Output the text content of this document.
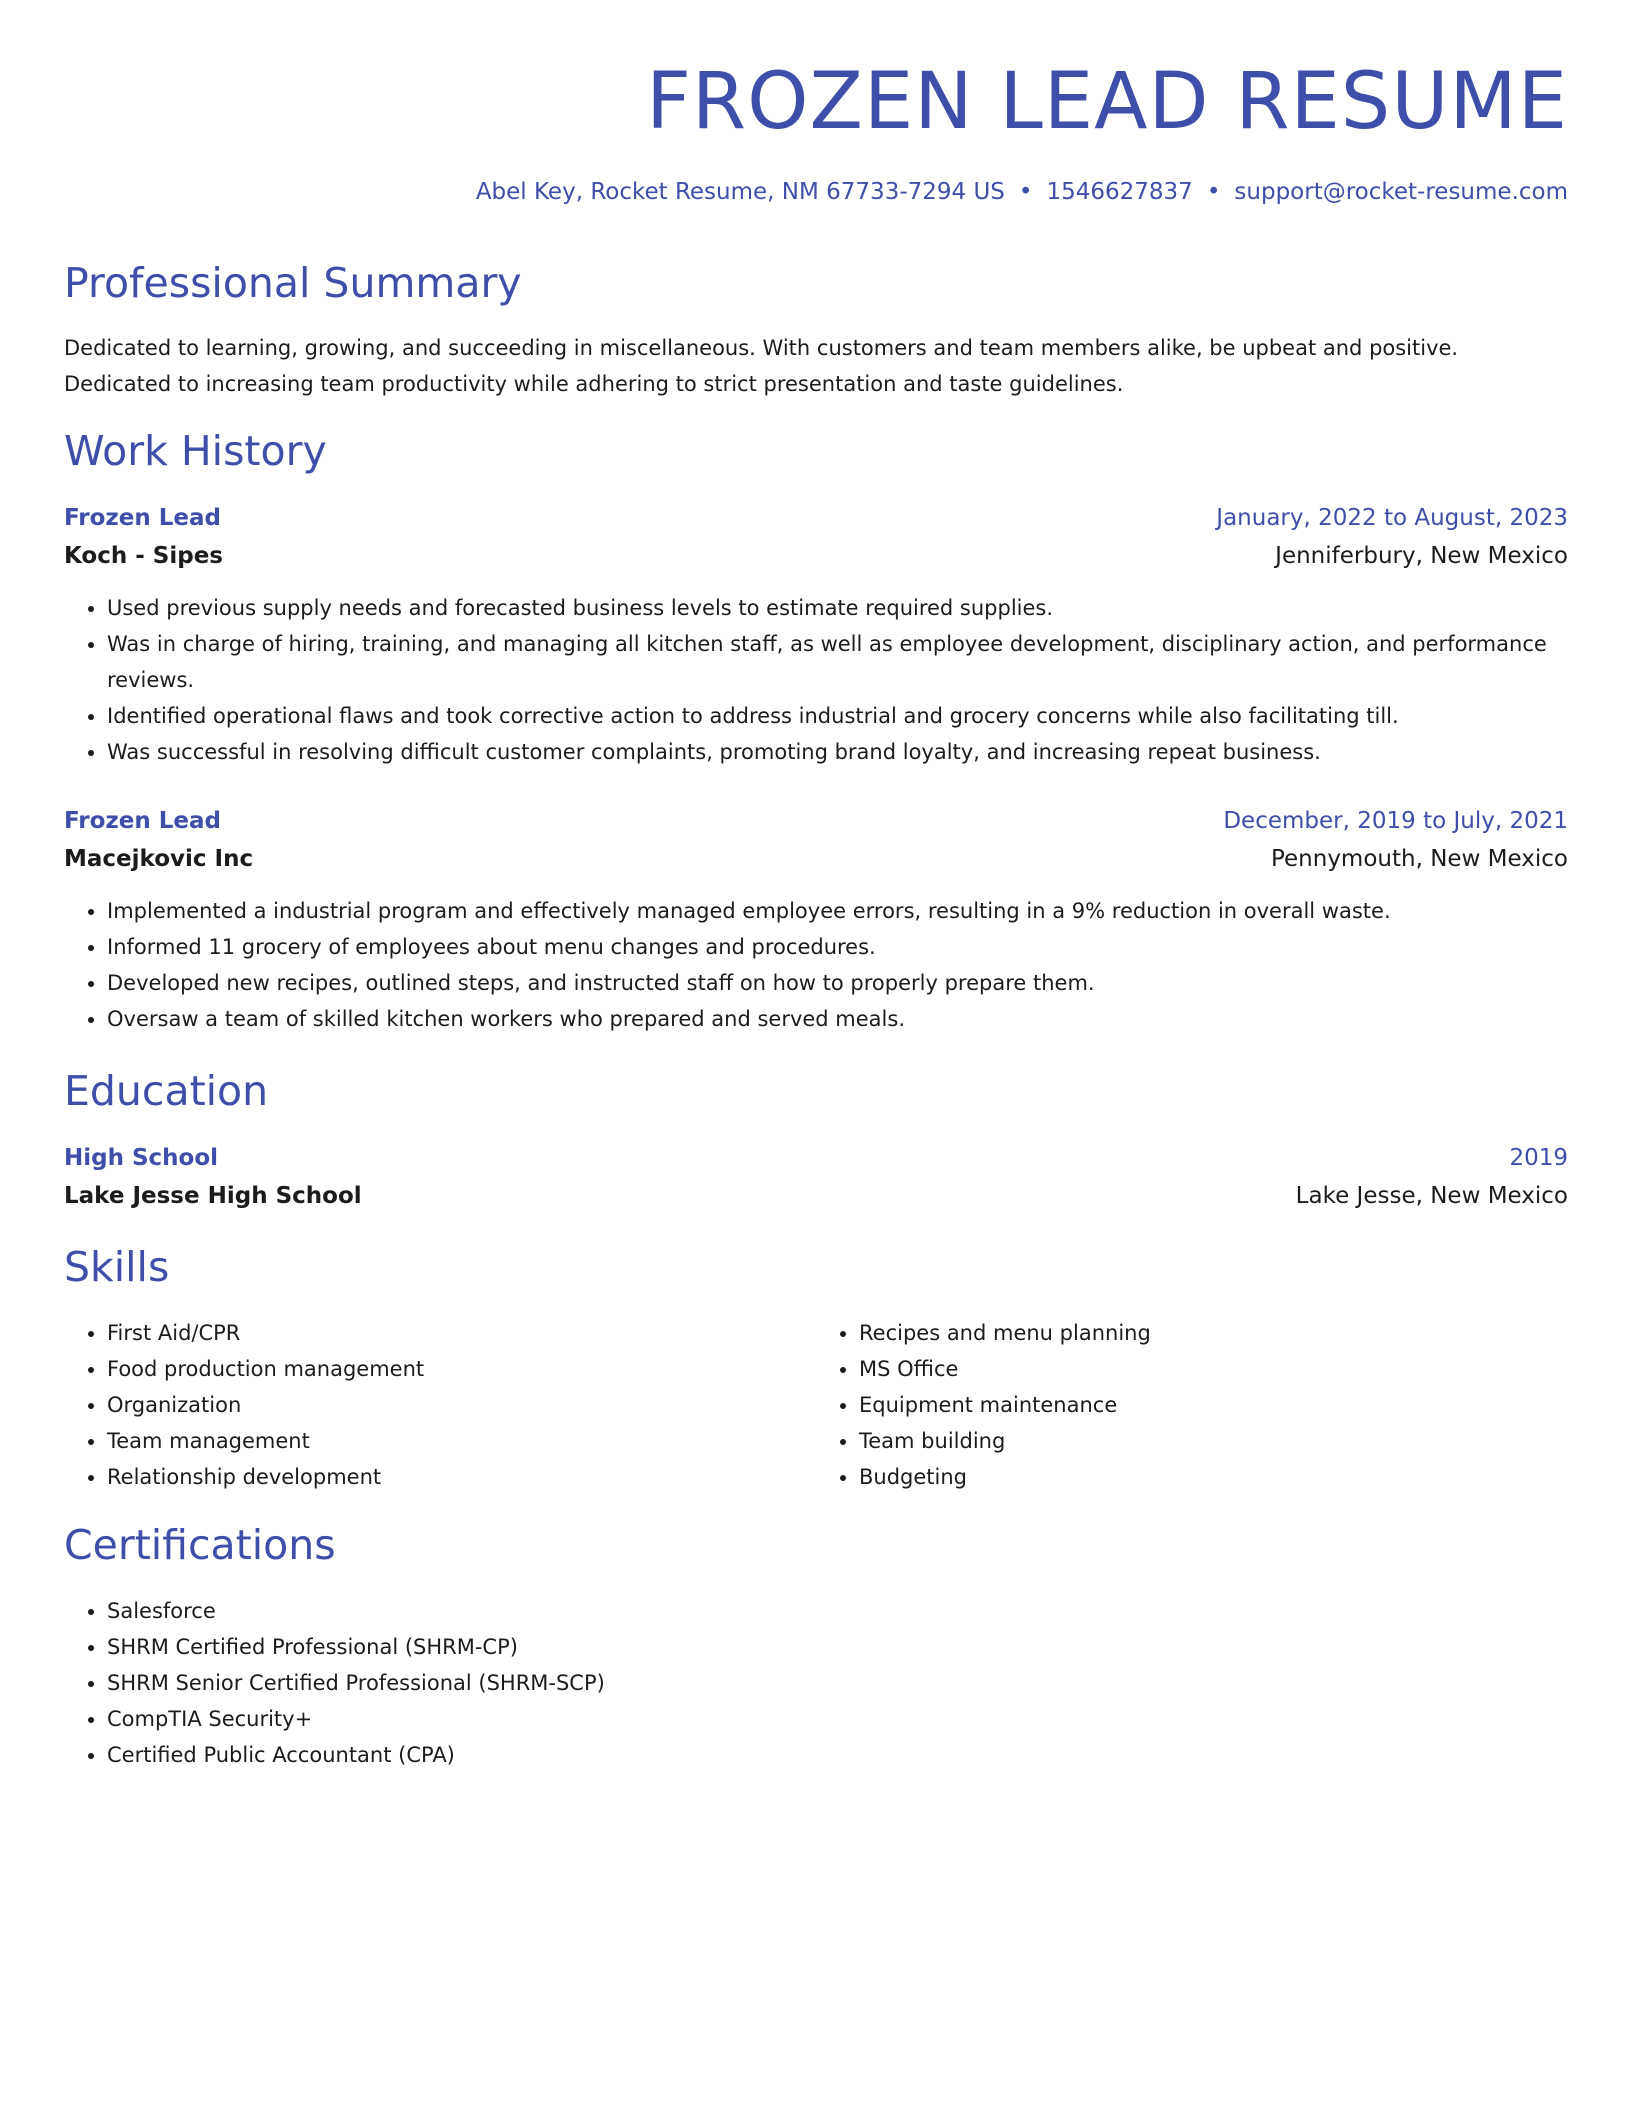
FROZEN LEAD RESUME
Abel Key, Rocket Resume, NM 67733-7294 US • 1546627837 • support@rocket-resume.com
Professional Summary

Dedicated to learning, growing, and succeeding in miscellaneous. With customers and team members alike, be upbeat and positive. Dedicated to increasing team productivity while adhering to strict presentation and taste guidelines.

Work History
Frozen Lead	January, 2022 to August, 2023
Koch - Sipes	Jenniferbury, New Mexico
• Used previous supply needs and forecasted business levels to estimate required supplies.
• Was in charge of hiring, training, and managing all kitchen staff, as well as employee development, disciplinary action, and performance reviews.
• Identified operational flaws and took corrective action to address industrial and grocery concerns while also facilitating till.
• Was successful in resolving difficult customer complaints, promoting brand loyalty, and increasing repeat business.
Frozen Lead	December, 2019 to July, 2021
Macejkovic Inc	Pennymouth, New Mexico
• Implemented a industrial program and effectively managed employee errors, resulting in a 9% reduction in overall waste.
• Informed 11 grocery of employees about menu changes and procedures.
• Developed new recipes, outlined steps, and instructed staff on how to properly prepare them.
• Oversaw a team of skilled kitchen workers who prepared and served meals.
Education
High School	2019
Lake Jesse High School	Lake Jesse, New Mexico
Skills
• First Aid/CPR
• Food production management
• Organization
• Team management
• Relationship development
• Recipes and menu planning
• MS Office
• Equipment maintenance
• Team building
• Budgeting
Certifications
• Salesforce
• SHRM Certified Professional (SHRM-CP)
• SHRM Senior Certified Professional (SHRM-SCP)
• CompTIA Security+
• Certified Public Accountant (CPA)
